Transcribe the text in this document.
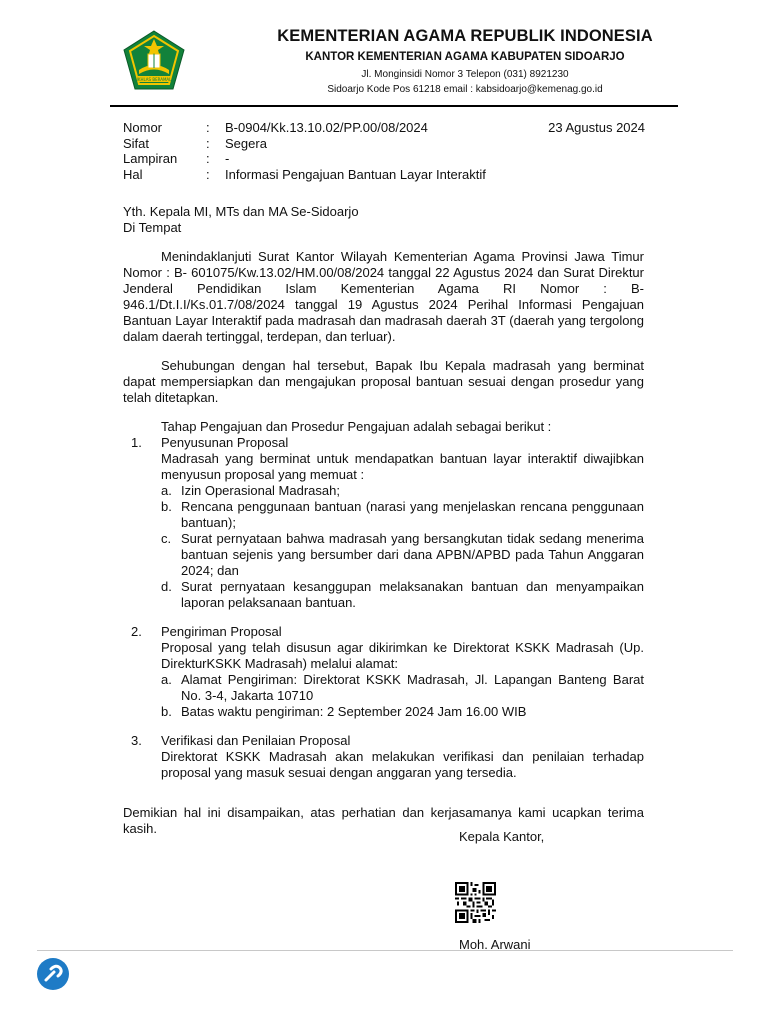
IKHLAS BERAMAL
KEMENTERIAN AGAMA REPUBLIK INDONESIA
KANTOR KEMENTERIAN AGAMA KABUPATEN SIDOARJO
Jl. Monginsidi Nomor 3 Telepon (031) 8921230
Sidoarjo Kode Pos 61218 email : kabsidoarjo@kemenag.go.id
Nomor	: B-0904/Kk.13.10.02/PP.00/08/2024	23 Agustus 2024
Sifat	: Segera
Lampiran : -
Hal	: Informasi Pengajuan Bantuan Layar Interaktif
Yth. Kepala MI, MTs dan MA Se-Sidoarjo
Di Tempat

Menindaklanjuti Surat Kantor Wilayah Kementerian Agama Provinsi Jawa Timur Nomor : B- 601075/Kw.13.02/HM.00/08/2024 tanggal 22 Agustus 2024 dan Surat Direktur Jenderal Pendidikan Islam Kementerian Agama RI Nomor : B- 946.1/Dt.I.I/Ks.01.7/08/2024 tanggal 19 Agustus 2024 Perihal Informasi Pengajuan Bantuan Layar Interaktif pada madrasah dan madrasah daerah 3T (daerah yang tergolong dalam daerah tertinggal, terdepan, dan terluar).

Sehubungan dengan hal tersebut, Bapak Ibu Kepala madrasah yang berminat dapat mempersiapkan dan mengajukan proposal bantuan sesuai dengan prosedur yang telah ditetapkan.

Tahap Pengajuan dan Prosedur Pengajuan adalah sebagai berikut :

1. Penyusunan Proposal
Madrasah yang berminat untuk mendapatkan bantuan layar interaktif diwajibkan menyusun proposal yang memuat :
a. Izin Operasional Madrasah;
b. Rencana penggunaan bantuan (narasi yang menjelaskan rencana penggunaan bantuan);
c. Surat pernyataan bahwa madrasah yang bersangkutan tidak sedang menerima bantuan sejenis yang bersumber dari dana APBN/APBD pada Tahun Anggaran 2024; dan
d. Surat pernyataan kesanggupan melaksanakan bantuan dan menyampaikan laporan pelaksanaan bantuan.
2. Pengiriman Proposal
Proposal yang telah disusun agar dikirimkan ke Direktorat KSKK Madrasah (Up. DirekturKSKK Madrasah) melalui alamat:
a. Alamat Pengiriman: Direktorat KSKK Madrasah, Jl. Lapangan Banteng Barat No. 3-4, Jakarta 10710
b. Batas waktu pengiriman: 2 September 2024 Jam 16.00 WIB
3. Verifikasi dan Penilaian Proposal
Direktorat KSKK Madrasah akan melakukan verifikasi dan penilaian terhadap proposal yang masuk sesuai dengan anggaran yang tersedia.
Demikian hal ini disampaikan, atas perhatian dan kerjasamanya kami ucapkan terima kasih.
Kepala Kantor,
Moh. Arwani
